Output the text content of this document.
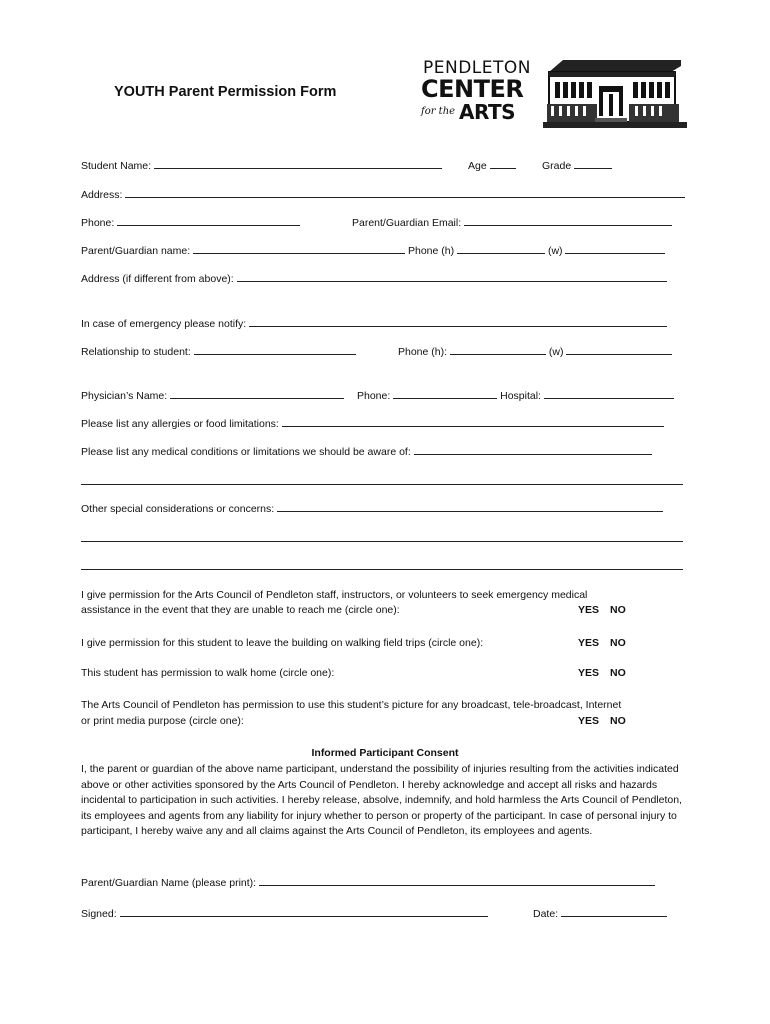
YOUTH Parent Permission Form
PENDLETON
CENTER
for the ARTS
Student Name:	Age	Grade
Address:
Phone:	Parent/Guardian Email:
Parent/Guardian name:	Phone (h)	(w)
Address (if different from above):
In case of emergency please notify:
Relationship to student:	Phone (h):	(w)
Physician’s Name:	Phone:	Hospital:
Please list any allergies or food limitations:
Please list any medical conditions or limitations we should be aware of:
Other special considerations or concerns:
I give permission for the Arts Council of Pendleton staff, instructors, or volunteers to seek emergency medical
assistance in the event that they are unable to reach me (circle one):	YES NO
I give permission for this student to leave the building on walking field trips (circle one):	YES NO
This student has permission to walk home (circle one):	YES NO
The Arts Council of Pendleton has permission to use this student’s picture for any broadcast, tele-broadcast, Internet
or print media purpose (circle one):	YES NO
Informed Participant Consent
I, the parent or guardian of the above name participant, understand the possibility of injuries resulting from the activities indicated above or other activities sponsored by the Arts Council of Pendleton. I hereby acknowledge and accept all risks and hazards incidental to participation in such activities. I hereby release, absolve, indemnify, and hold harmless the Arts Council of Pendleton, its employees and agents from any liability for injury whether to person or property of the participant. In case of personal injury to participant, I hereby waive any and all claims against the Arts Council of Pendleton, its employees and agents.
Parent/Guardian Name (please print):
Signed:	Date:
